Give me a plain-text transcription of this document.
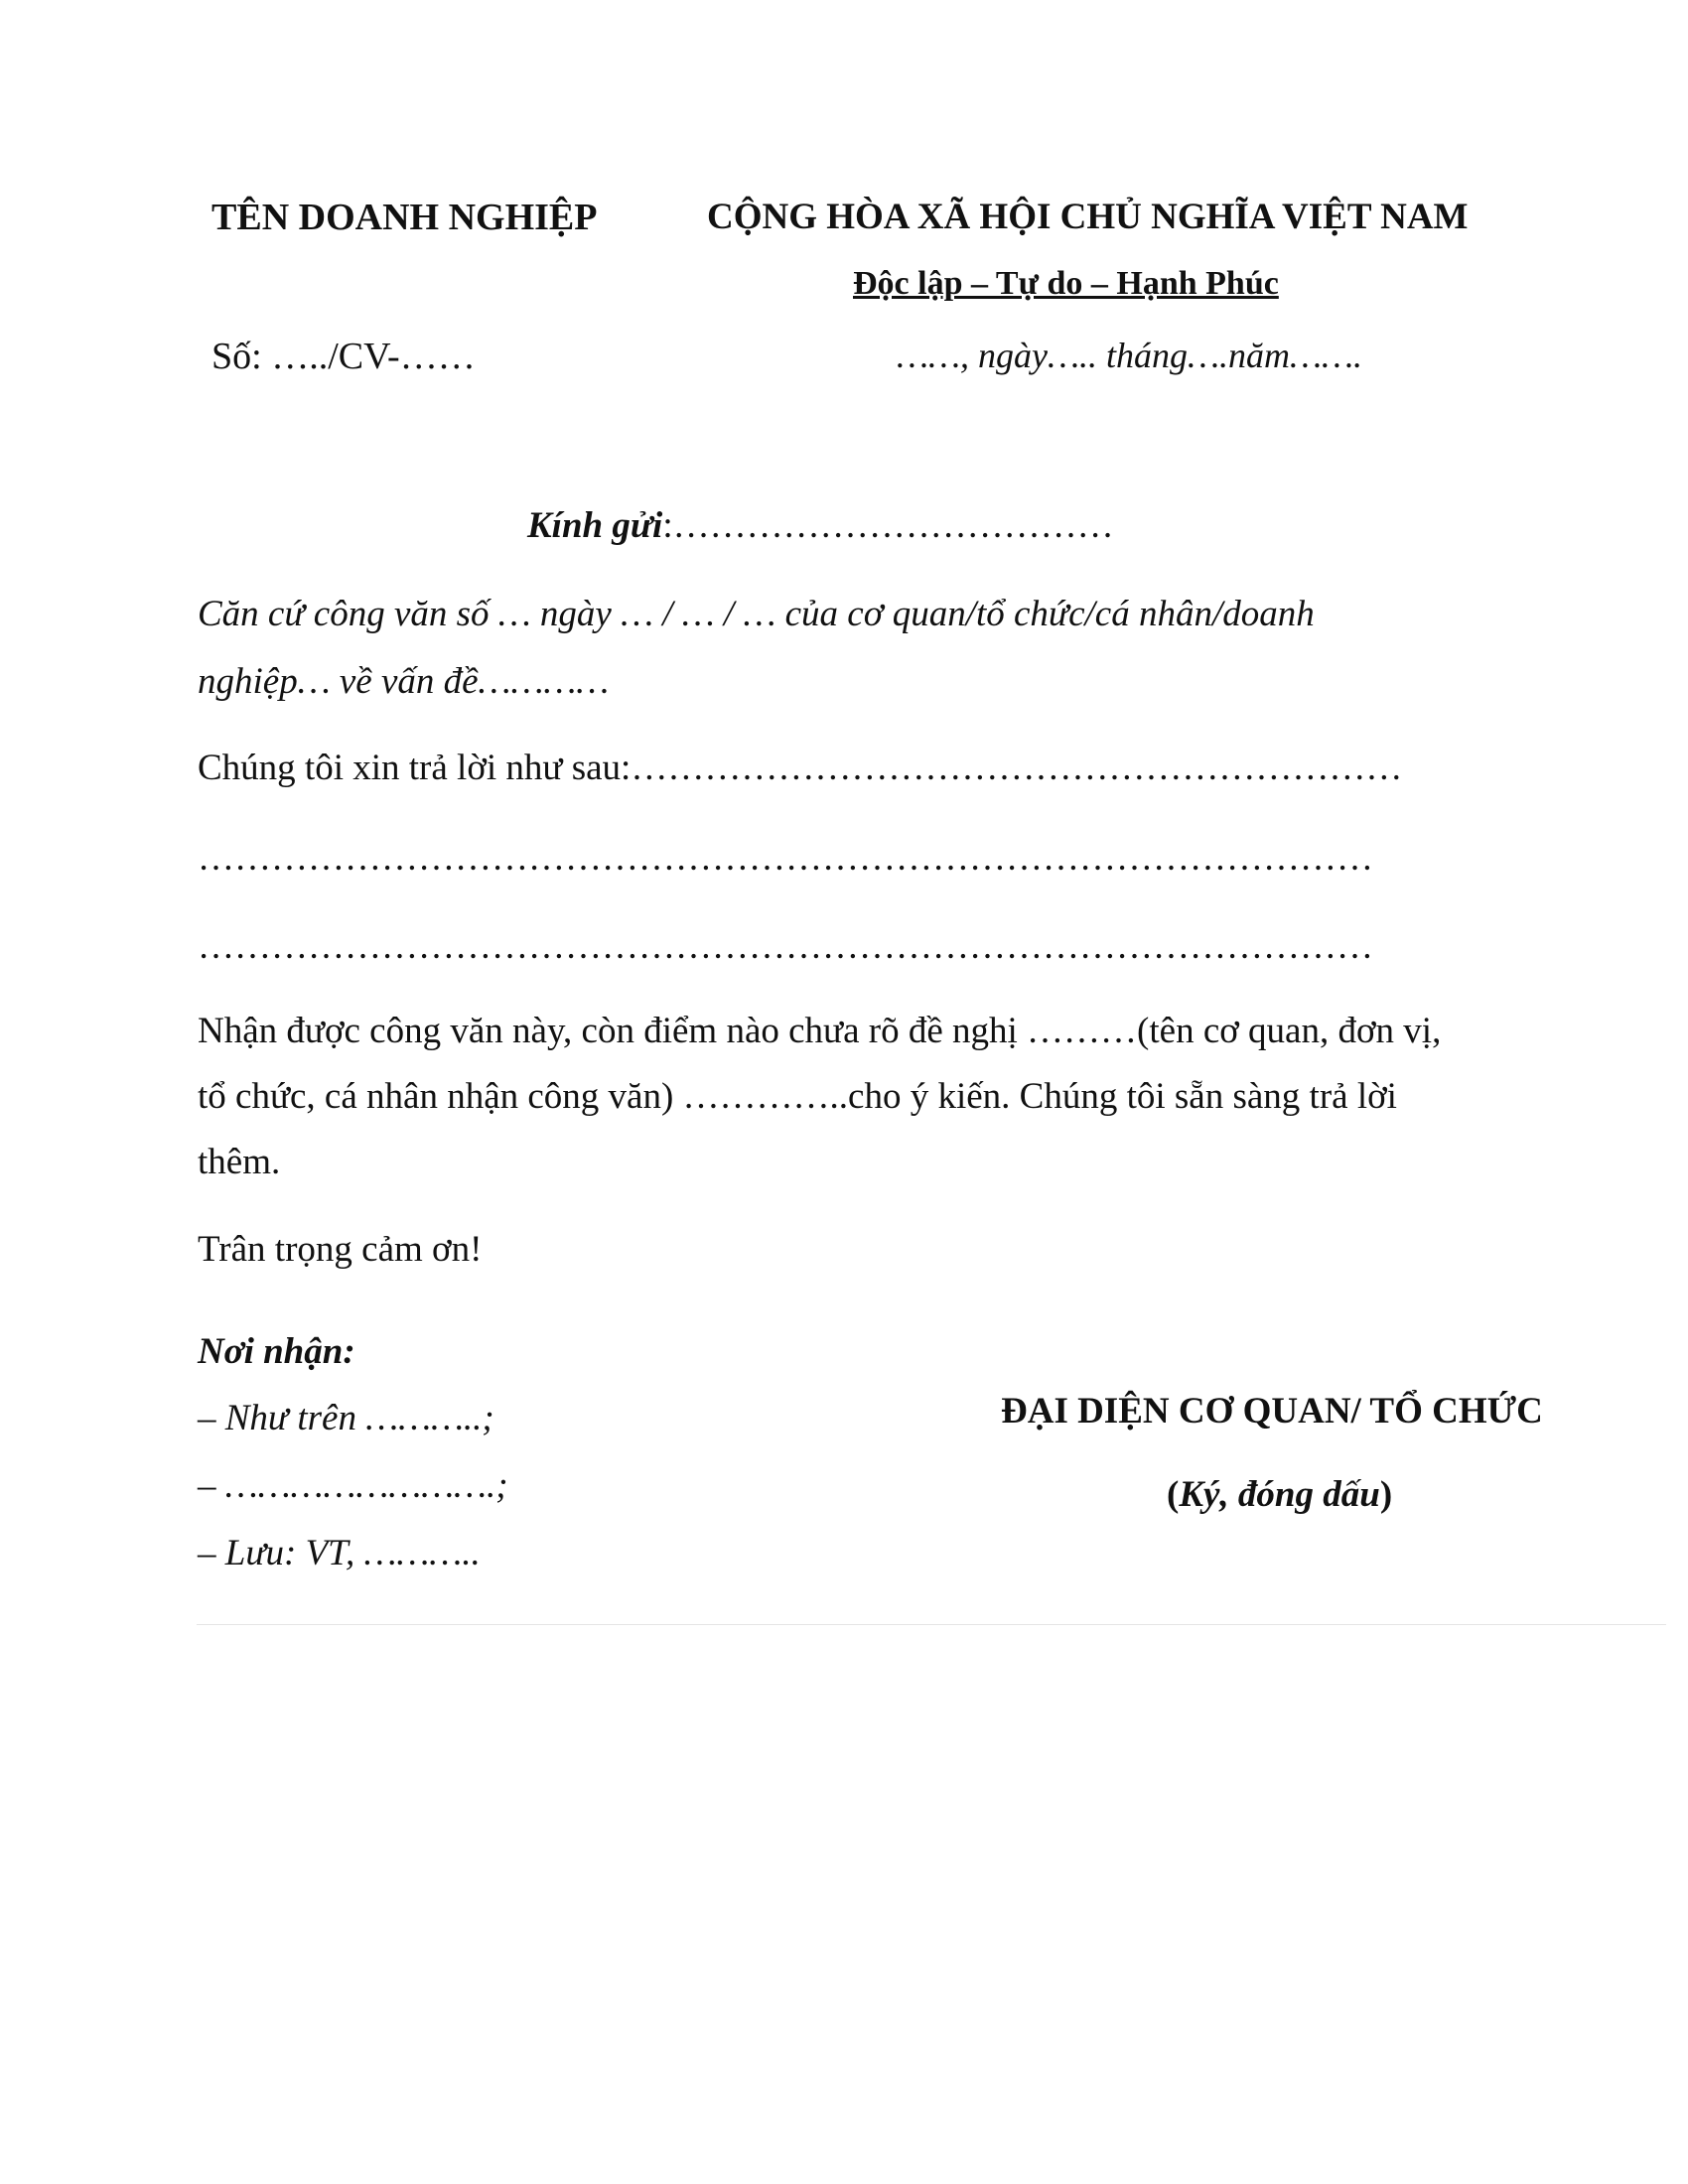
TÊN DOANH NGHIỆP	CỘNG HÒA XÃ HỘI CHỦ NGHĨA VIỆT NAM
Độc lập – Tự do – Hạnh Phúc
Số: …../CV-……	……, ngày….. tháng….năm…….
Kính gửi:………………………………
Căn cứ công văn số … ngày … / … / … của cơ quan/tổ chức/cá nhân/doanh
nghiệp… về vấn đề…………
Chúng tôi xin trả lời như sau:………………………………………………………
……………………………………………………………………………………
……………………………………………………………………………………
Nhận được công văn này, còn điểm nào chưa rõ đề nghị ………(tên cơ quan, đơn vị,
tổ chức, cá nhân nhận công văn) …………..cho ý kiến. Chúng tôi sẵn sàng trả lời
thêm.
Trân trọng cảm ơn!
Nơi nhận:
– Như trên ………..;
– …………………….;
– Lưu: VT, ………..
ĐẠI DIỆN CƠ QUAN/ TỔ CHỨC
(Ký, đóng dấu)
